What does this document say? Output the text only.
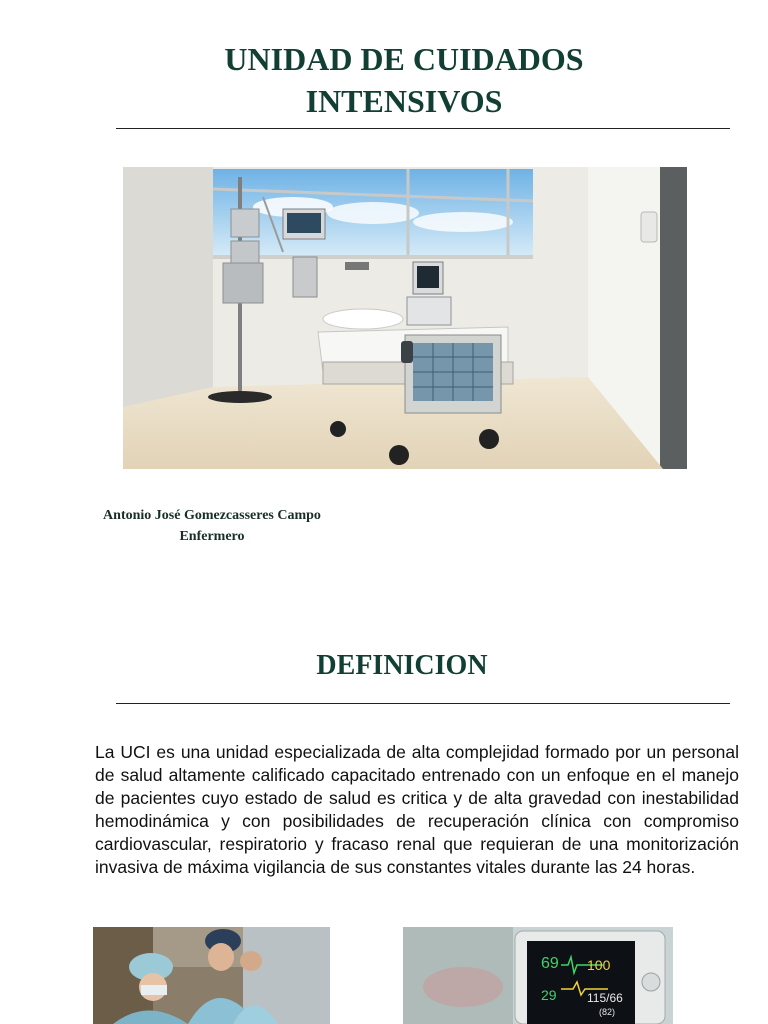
UNIDAD DE CUIDADOS
INTENSIVOS
Antonio José Gomezcasseres Campo
Enfermero
DEFINICION

La UCI es una unidad especializada de alta complejidad formado por un personal de salud altamente calificado capacitado entrenado con un enfoque en el manejo de pacientes cuyo estado de salud es critica y de alta gravedad con inestabilidad hemodinámica y con posibilidades de recuperación clínica con compromiso cardiovascular, respiratorio y fracaso renal que requieran de una monitorización invasiva de máxima vigilancia de sus constantes vitales durante las 24 horas.

69 100
29	115/66
(82)
